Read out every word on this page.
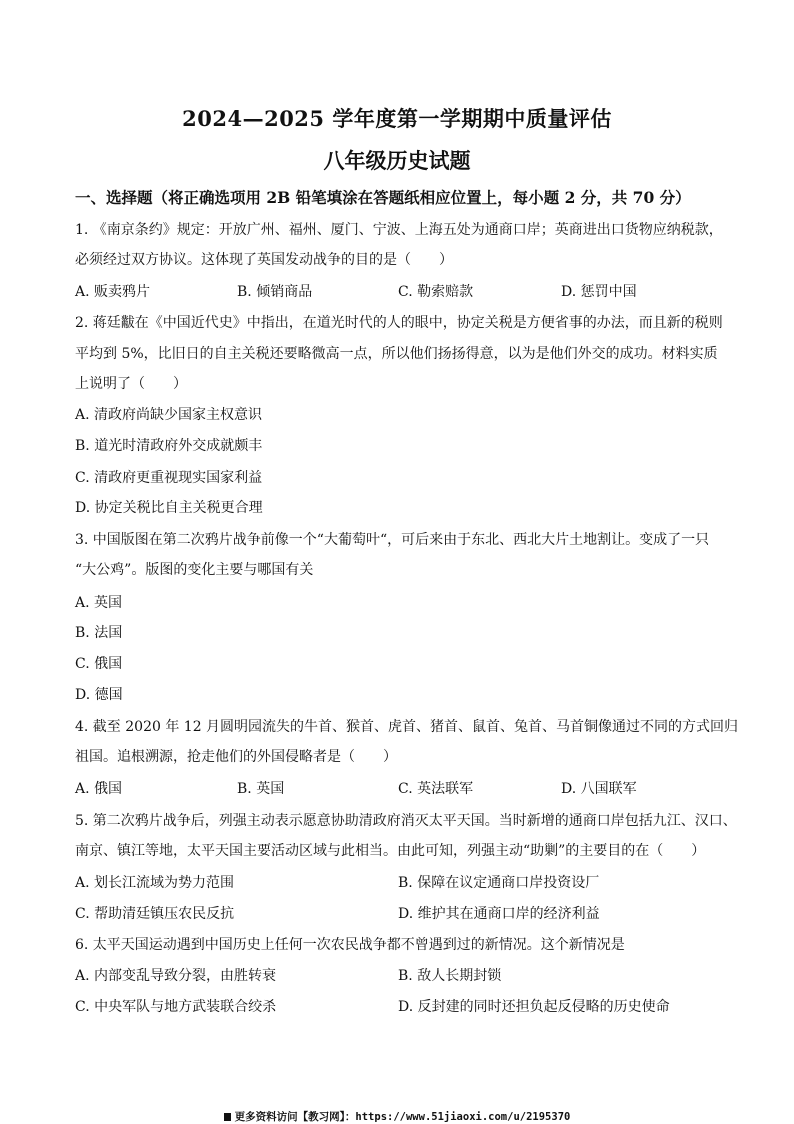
2024—2025 学年度第一学期期中质量评估
八年级历史试题
一、选择题（将正确选项用 2B 铅笔填涂在答题纸相应位置上，每小题 2 分，共 70 分）
1. 《南京条约》规定：开放广州、福州、厦门、宁波、上海五处为通商口岸；英商进出口货物应纳税款，
必须经过双方协议。这体现了英国发动战争的目的是（　　）
A. 贩卖鸦片	B. 倾销商品	C. 勒索赔款	D. 惩罚中国
2. 蒋廷黻在《中国近代史》中指出，在道光时代的人的眼中，协定关税是方便省事的办法，而且新的税则
平均到 5%，比旧日的自主关税还要略微高一点，所以他们扬扬得意，以为是他们外交的成功。材料实质
上说明了（　　）
A. 清政府尚缺少国家主权意识
B. 道光时清政府外交成就颇丰
C. 清政府更重视现实国家利益
D. 协定关税比自主关税更合理
3. 中国版图在第二次鸦片战争前像一个“大葡萄叶“，可后来由于东北、西北大片土地割让。变成了一只
“大公鸡”。版图的变化主要与哪国有关
A. 英国
B. 法国
C. 俄国
D. 德国
4. 截至 2020 年 12 月圆明园流失的牛首、猴首、虎首、猪首、鼠首、兔首、马首铜像通过不同的方式回归
祖国。追根溯源，抢走他们的外国侵略者是（　　）
A. 俄国	B. 英国	C. 英法联军	D. 八国联军
5. 第二次鸦片战争后，列强主动表示愿意协助清政府消灭太平天国。当时新增的通商口岸包括九江、汉口、
南京、镇江等地，太平天国主要活动区域与此相当。由此可知，列强主动“助剿”的主要目的在（　　）
A. 划长江流域为势力范围	B. 保障在议定通商口岸投资设厂
C. 帮助清廷镇压农民反抗	D. 维护其在通商口岸的经济利益
6. 太平天国运动遇到中国历史上任何一次农民战争都不曾遇到过的新情况。这个新情况是
A. 内部变乱导致分裂，由胜转衰	B. 敌人长期封锁
C. 中央军队与地方武装联合绞杀	D. 反封建的同时还担负起反侵略的历史使命
更多资料访问【教习网】：https://www.51jiaoxi.com/u/2195370
